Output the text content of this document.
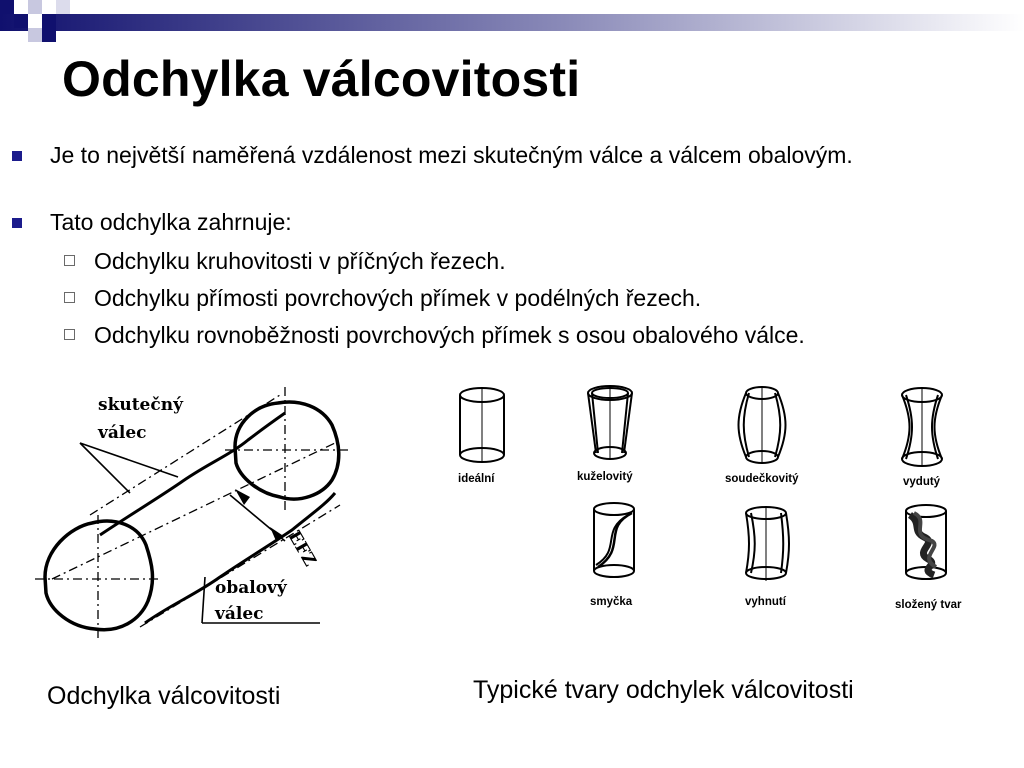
Odchylka válcovitosti
Je to největší naměřená vzdálenost mezi skutečným válce a válcem obalovým.
Tato odchylka zahrnuje:
Odchylku kruhovitosti v příčných řezech.
Odchylku přímosti povrchových přímek v podélných řezech.
Odchylku rovnoběžnosti povrchových přímek s osou obalového válce.
skutečný
válec
obalový
válec
EFZ
ideální	kuželovitý	soudečkovitý	vydutý
smyčka	vyhnutí	složený tvar
Odchylka válcovitosti	Typické tvary odchylek válcovitosti
